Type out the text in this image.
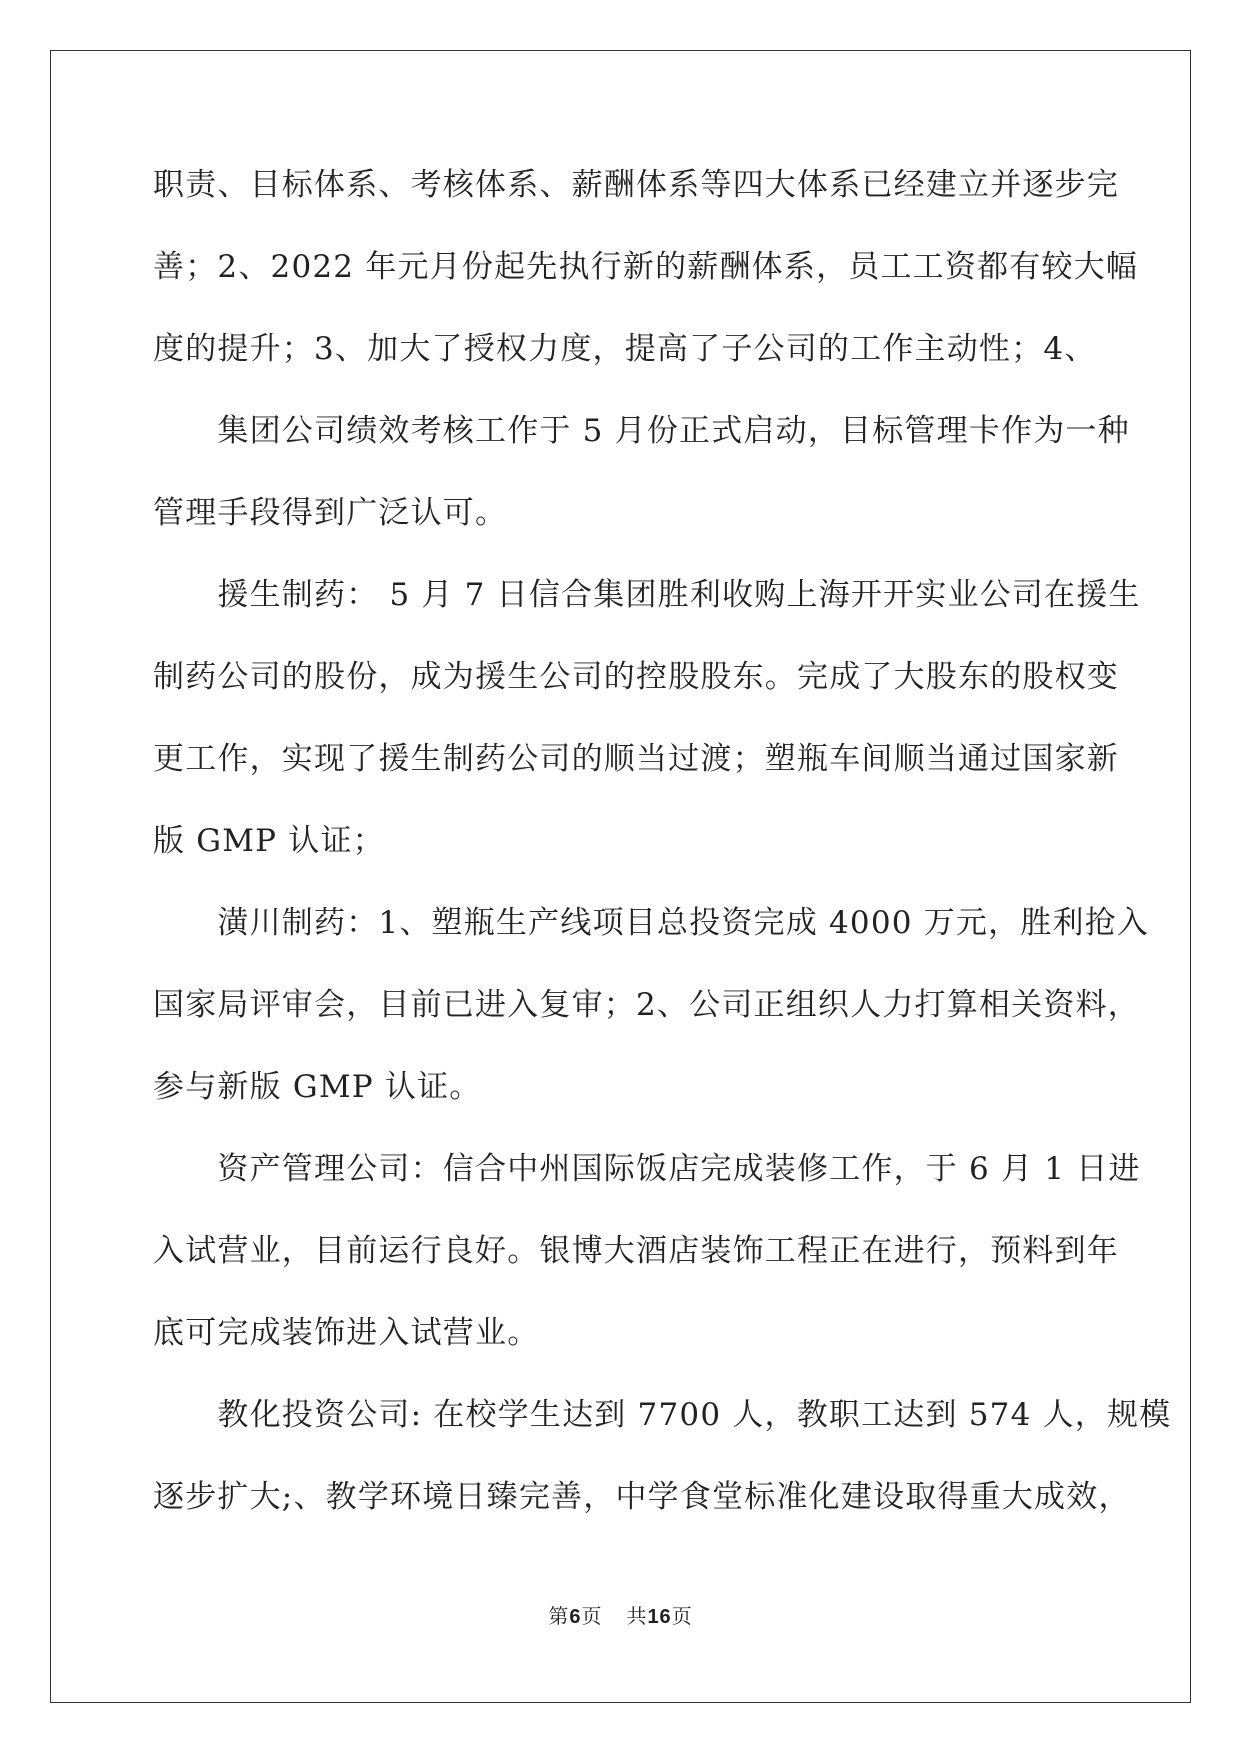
职责、目标体系、考核体系、薪酬体系等四大体系已经建立并逐步完
善；2、2022 年元月份起先执行新的薪酬体系，员工工资都有较大幅
度的提升；3、加大了授权力度，提高了子公司的工作主动性；4、
　　集团公司绩效考核工作于 5 月份正式启动，目标管理卡作为一种
管理手段得到广泛认可。
　　援生制药： 5 月 7 日信合集团胜利收购上海开开实业公司在援生
制药公司的股份，成为援生公司的控股股东。完成了大股东的股权变
更工作，实现了援生制药公司的顺当过渡；塑瓶车间顺当通过国家新
版 GMP 认证；
　　潢川制药：1、塑瓶生产线项目总投资完成 4000 万元，胜利抢入
国家局评审会，目前已进入复审；2、公司正组织人力打算相关资料，
参与新版 GMP 认证。
　　资产管理公司：信合中州国际饭店完成装修工作，于 6 月 1 日进
入试营业，目前运行良好。银博大酒店装饰工程正在进行，预料到年
底可完成装饰进入试营业。
　　教化投资公司: 在校学生达到 7700 人，教职工达到 574 人，规模
逐步扩大;、教学环境日臻完善，中学食堂标准化建设取得重大成效，
第6页 共16页
